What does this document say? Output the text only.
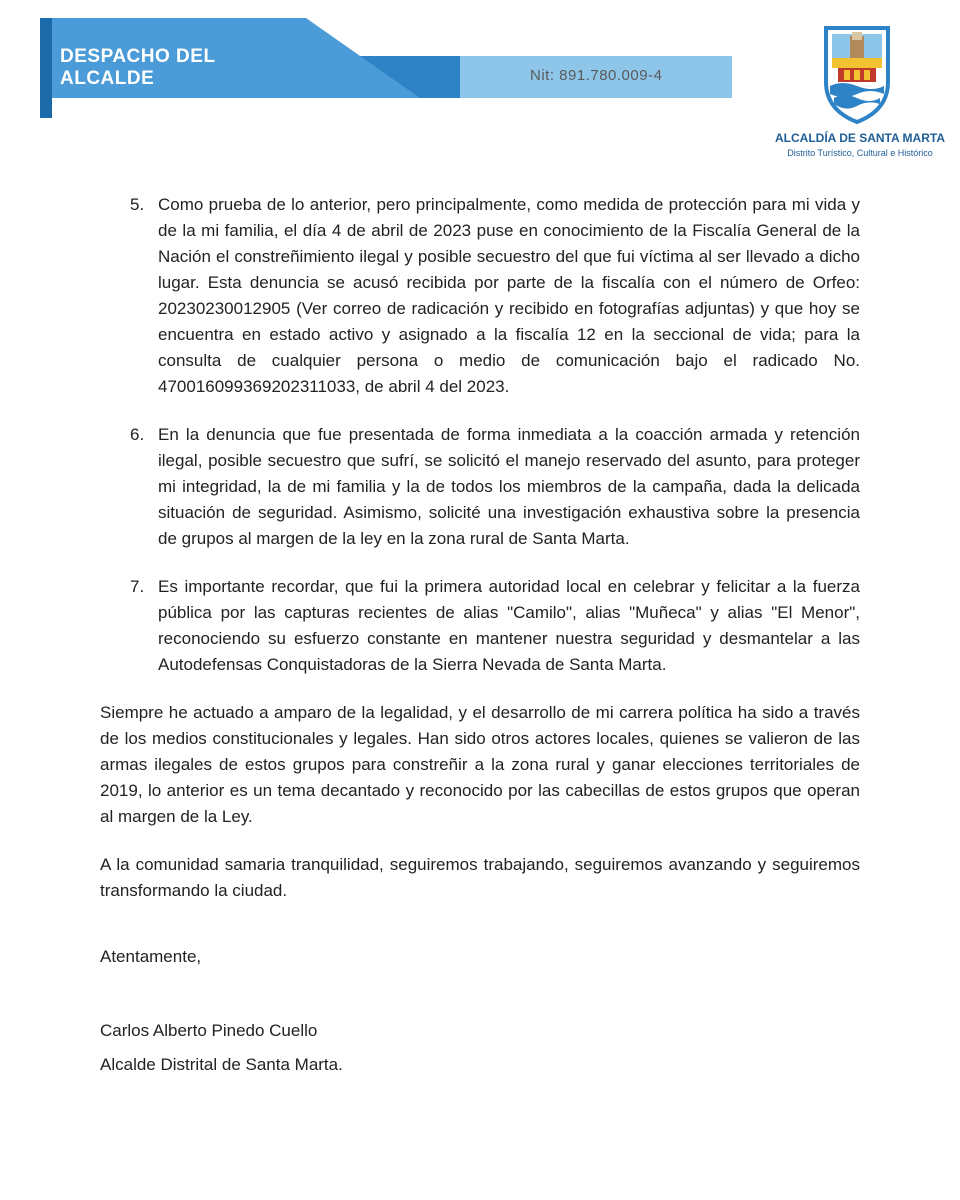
DESPACHO DEL
ALCALDE	Nit: 891.780.009-4
ALCALDÍA DE SANTA MARTA
Distrito Turístico, Cultural e Histórico
5. Como prueba de lo anterior, pero principalmente, como medida de protección para mi vida y de la mi familia, el día 4 de abril de 2023 puse en conocimiento de la Fiscalía General de la Nación el constreñimiento ilegal y posible secuestro del que fui víctima al ser llevado a dicho lugar. Esta denuncia se acusó recibida por parte de la fiscalía con el número de Orfeo: 20230230012905 (Ver correo de radicación y recibido en fotografías adjuntas) y que hoy se encuentra en estado activo y asignado a la fiscalía 12 en la seccional de vida; para la consulta de cualquier persona o medio de comunicación bajo el radicado No. 470016099369202311033, de abril 4 del 2023.
6. En la denuncia que fue presentada de forma inmediata a la coacción armada y retención ilegal, posible secuestro que sufrí, se solicitó el manejo reservado del asunto, para proteger mi integridad, la de mi familia y la de todos los miembros de la campaña, dada la delicada situación de seguridad. Asimismo, solicité una investigación exhaustiva sobre la presencia de grupos al margen de la ley en la zona rural de Santa Marta.
7. Es importante recordar, que fui la primera autoridad local en celebrar y felicitar a la fuerza pública por las capturas recientes de alias "Camilo", alias "Muñeca" y alias "El Menor", reconociendo su esfuerzo constante en mantener nuestra seguridad y desmantelar a las Autodefensas Conquistadoras de la Sierra Nevada de Santa Marta.

Siempre he actuado a amparo de la legalidad, y el desarrollo de mi carrera política ha sido a través de los medios constitucionales y legales. Han sido otros actores locales, quienes se valieron de las armas ilegales de estos grupos para constreñir a la zona rural y ganar elecciones territoriales de 2019, lo anterior es un tema decantado y reconocido por las cabecillas de estos grupos que operan al margen de la Ley.

A la comunidad samaria tranquilidad, seguiremos trabajando, seguiremos avanzando y seguiremos transformando la ciudad.

Atentamente,
Carlos Alberto Pinedo Cuello
Alcalde Distrital de Santa Marta.
